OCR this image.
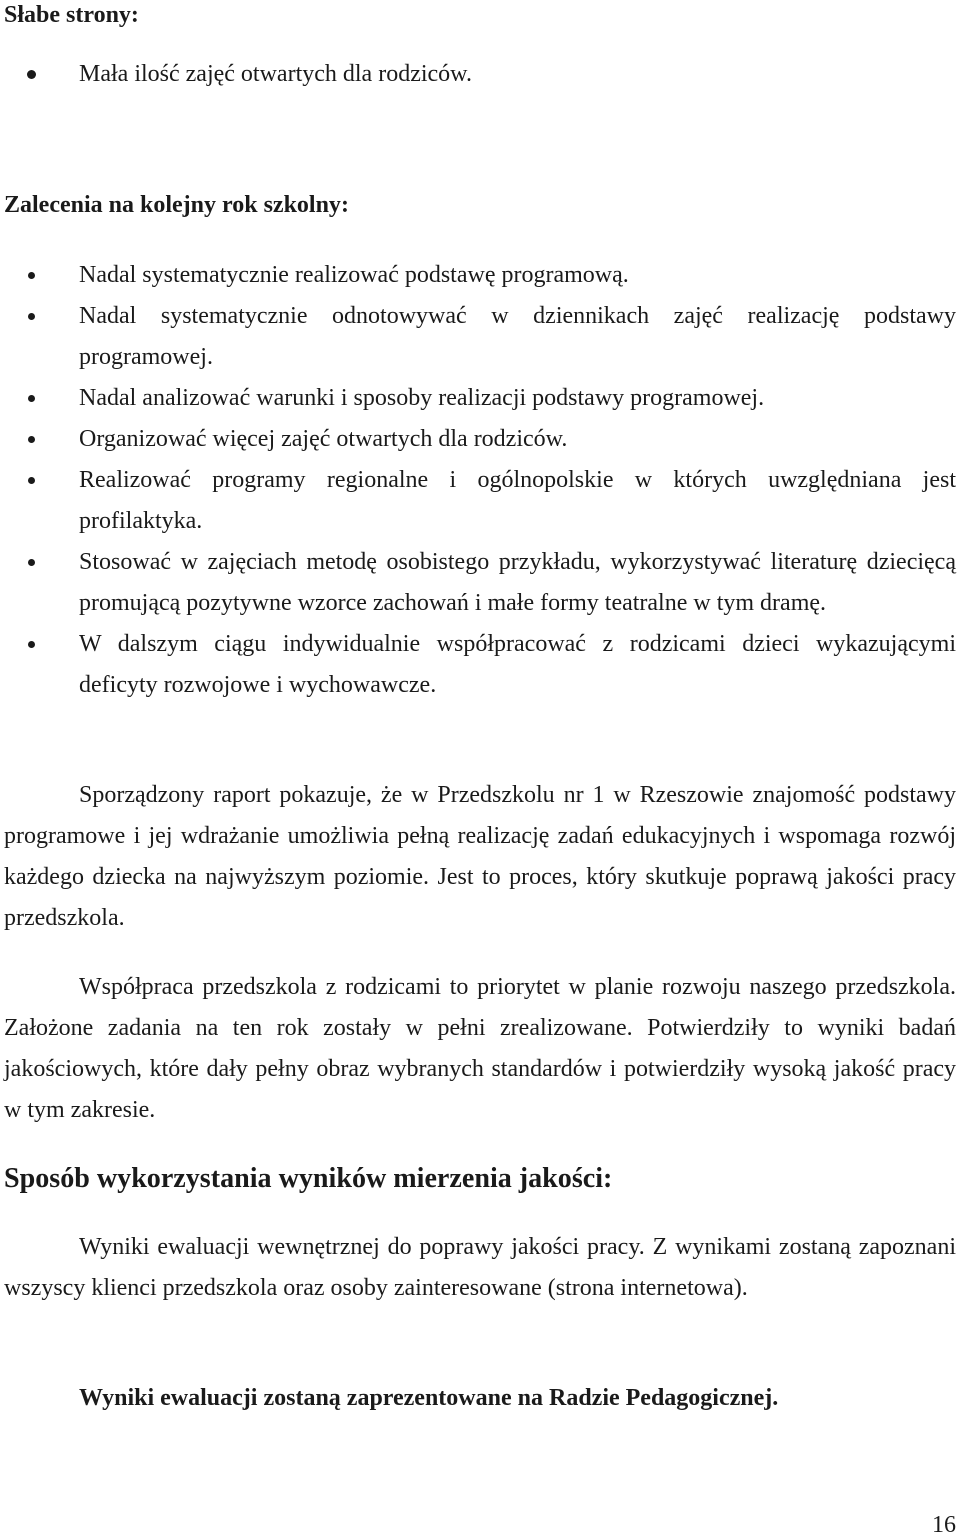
Słabe strony:
Mała ilość zajęć otwartych dla rodziców.
Zalecenia na kolejny rok szkolny:
Nadal systematycznie realizować podstawę programową.
Nadal systematycznie odnotowywać w dziennikach zajęć realizację podstawy programowej.
Nadal analizować warunki i sposoby realizacji podstawy programowej.
Organizować więcej zajęć otwartych dla rodziców.
Realizować programy regionalne i ogólnopolskie w których uwzględniana jest profilaktyka.
Stosować w zajęciach metodę osobistego przykładu, wykorzystywać literaturę dziecięcą promującą pozytywne wzorce zachowań i małe formy teatralne w tym dramę.
W dalszym ciągu indywidualnie współpracować z rodzicami dzieci wykazującymi deficyty rozwojowe i wychowawcze.

Sporządzony raport pokazuje, że w Przedszkolu nr 1 w Rzeszowie znajomość podstawy programowe i jej wdrażanie umożliwia pełną realizację zadań edukacyjnych i wspomaga rozwój każdego dziecka na najwyższym poziomie. Jest to proces, który skutkuje poprawą jakości pracy przedszkola.

Współpraca przedszkola z rodzicami to priorytet w planie rozwoju naszego przedszkola. Założone zadania na ten rok zostały w pełni zrealizowane. Potwierdziły to wyniki badań jakościowych, które dały pełny obraz wybranych standardów i potwierdziły wysoką jakość pracy w tym zakresie.

Sposób wykorzystania wyników mierzenia jakości:

Wyniki ewaluacji wewnętrznej do poprawy jakości pracy. Z wynikami zostaną zapoznani wszyscy klienci przedszkola oraz osoby zainteresowane (strona internetowa).

Wyniki ewaluacji zostaną zaprezentowane na Radzie Pedagogicznej.

16
